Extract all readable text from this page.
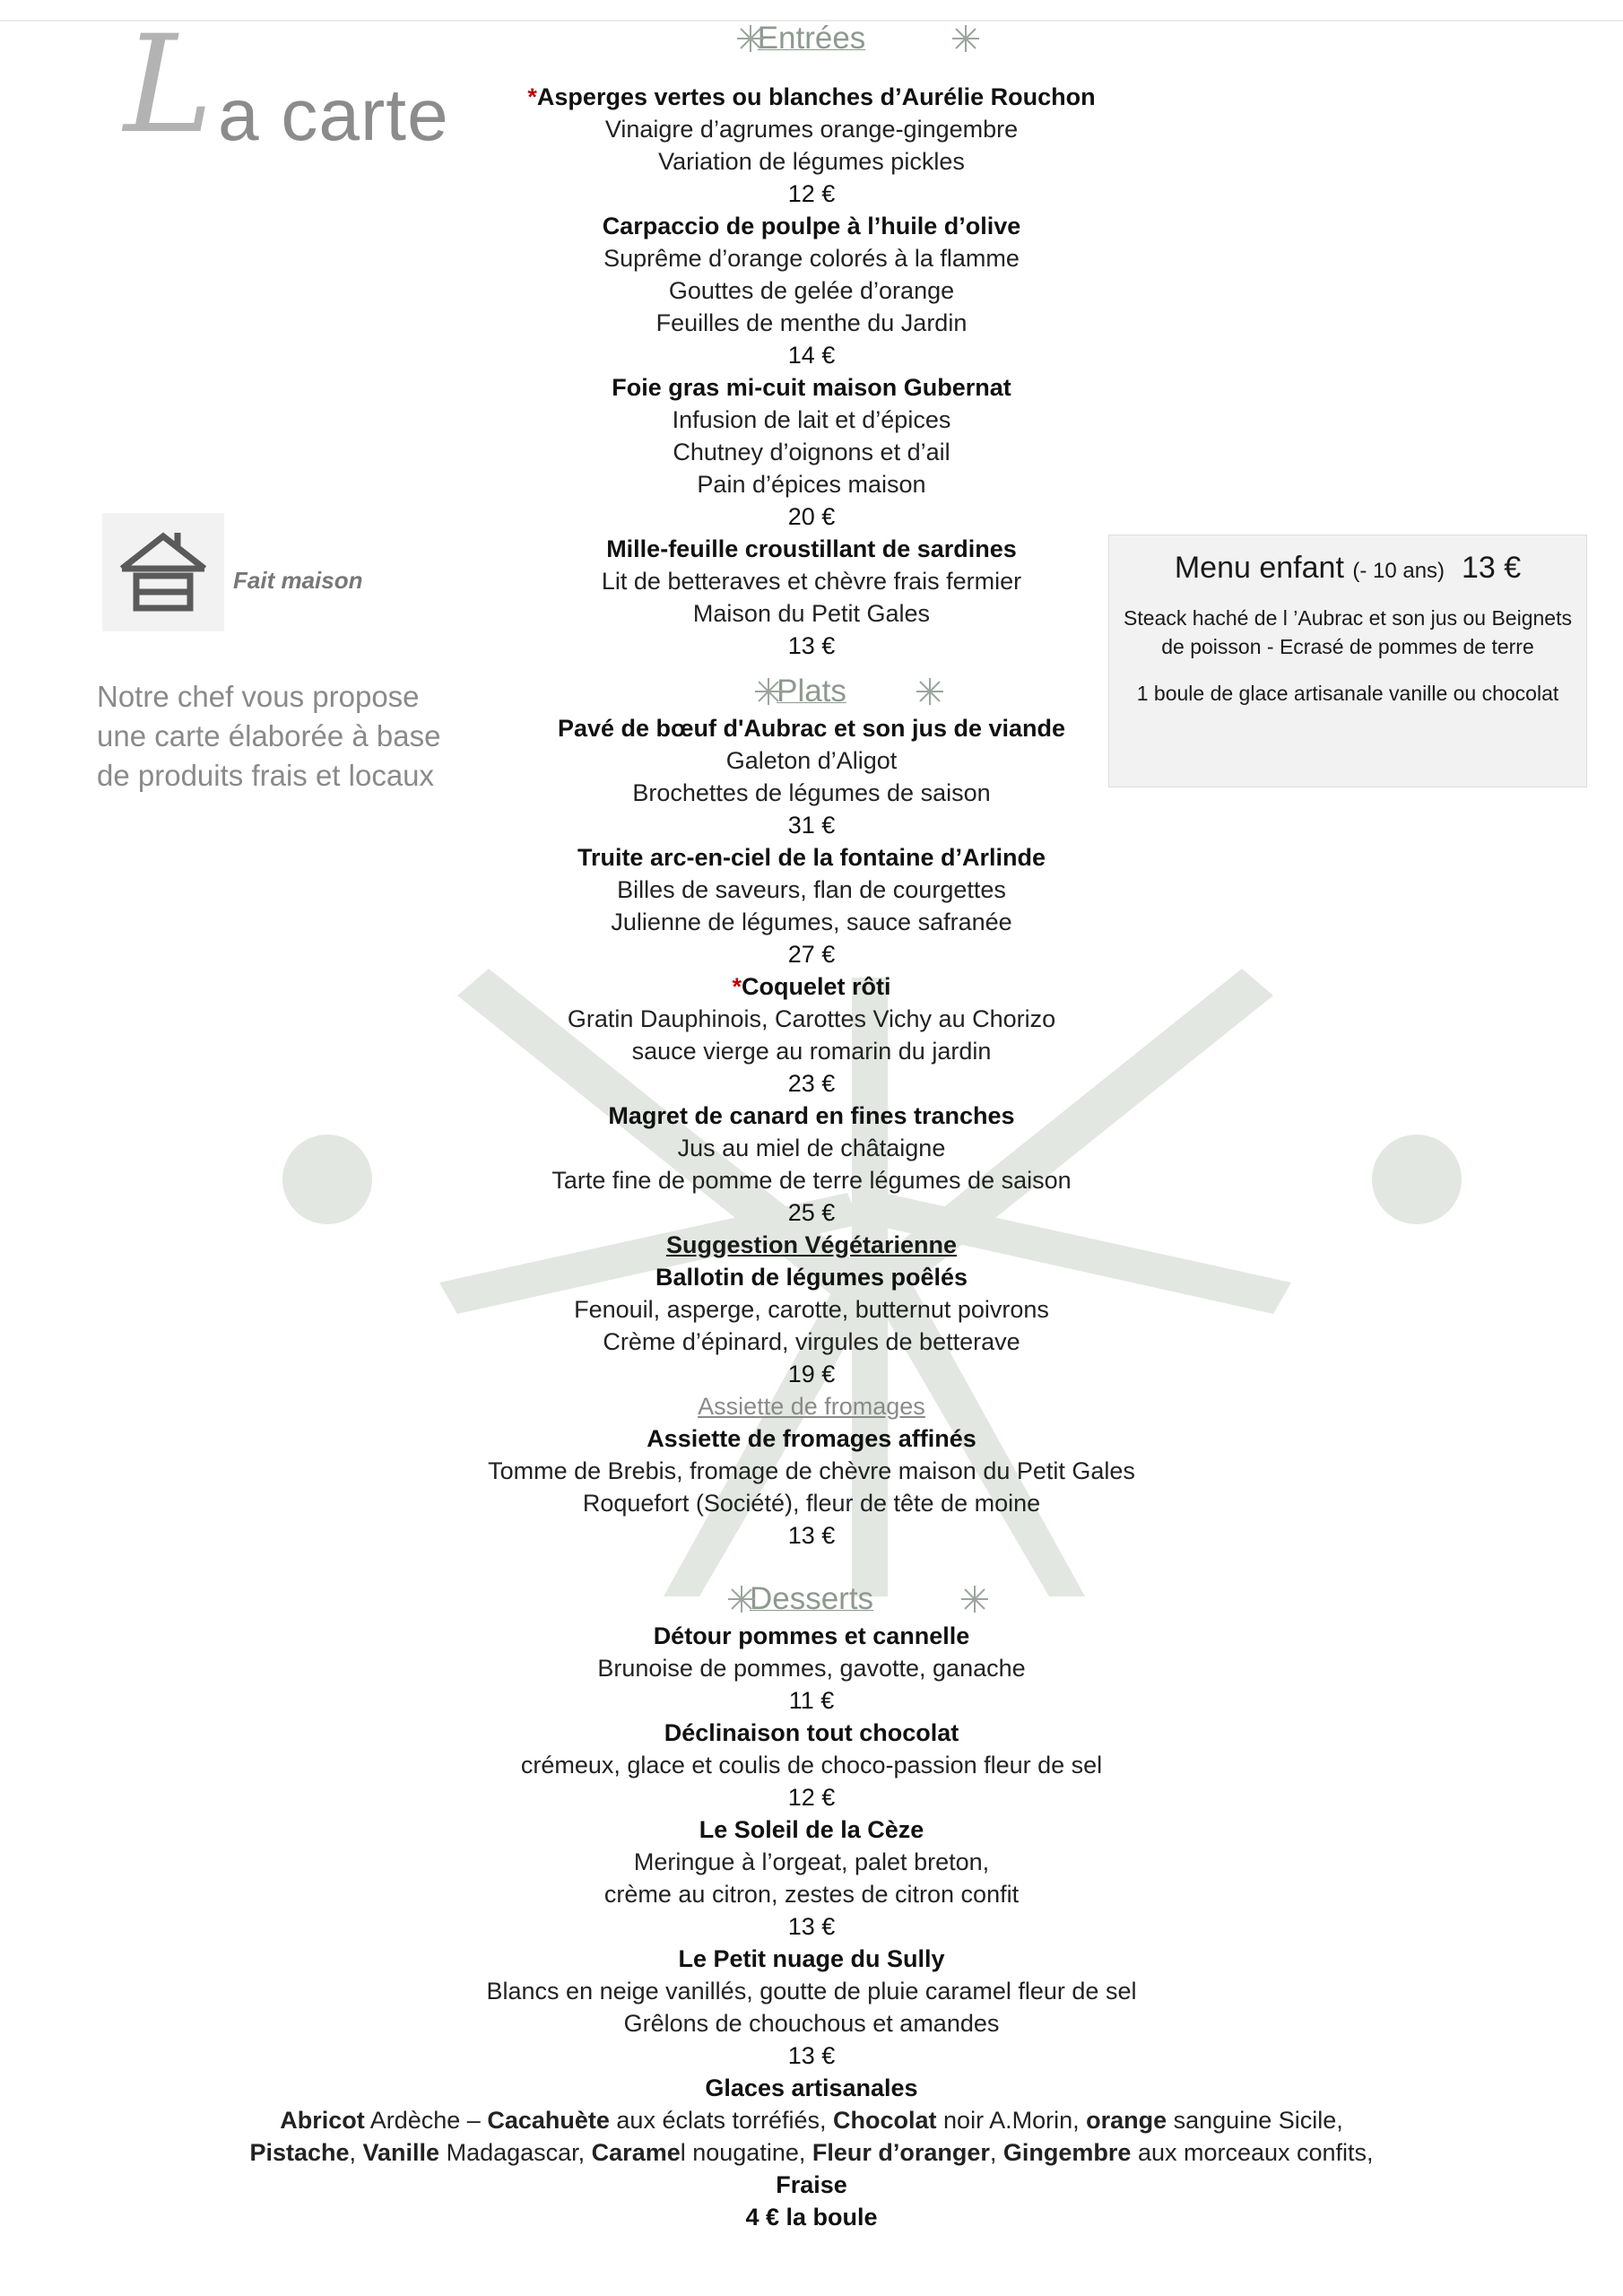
L a carte
Fait maison
Notre chef vous propose
une carte élaborée à base
de produits frais et locaux
Menu enfant (- 10 ans) 13 €
Steack haché de l ’Aubrac et son jus ou Beignets de poisson - Ecrasé de pommes de terre
1 boule de glace artisanale vanille ou chocolat
Entrées
*Asperges vertes ou blanches d’Aurélie Rouchon
Vinaigre d’agrumes orange-gingembre
Variation de légumes pickles
12 €
Carpaccio de poulpe à l’huile d’olive
Suprême d’orange colorés à la flamme
Gouttes de gelée d’orange
Feuilles de menthe du Jardin
14 €
Foie gras mi-cuit maison Gubernat
Infusion de lait et d’épices
Chutney d’oignons et d’ail
Pain d’épices maison
20 €
Mille-feuille croustillant de sardines
Lit de betteraves et chèvre frais fermier
Maison du Petit Gales
13 €
Plats
Pavé de bœuf d'Aubrac et son jus de viande
Galeton d’Aligot
Brochettes de légumes de saison
31 €
Truite arc-en-ciel de la fontaine d’Arlinde
Billes de saveurs, flan de courgettes
Julienne de légumes, sauce safranée
27 €
*Coquelet rôti
Gratin Dauphinois, Carottes Vichy au Chorizo
sauce vierge au romarin du jardin
23 €
Magret de canard en fines tranches
Jus au miel de châtaigne
Tarte fine de pomme de terre légumes de saison
25 €
Suggestion Végétarienne
Ballotin de légumes poêlés
Fenouil, asperge, carotte, butternut poivrons
Crème d’épinard, virgules de betterave
19 €
Assiette de fromages
Assiette de fromages affinés
Tomme de Brebis, fromage de chèvre maison du Petit Gales
Roquefort (Société), fleur de tête de moine
13 €
Desserts
Détour pommes et cannelle
Brunoise de pommes, gavotte, ganache
11 €
Déclinaison tout chocolat
crémeux, glace et coulis de choco-passion fleur de sel
12 €
Le Soleil de la Cèze
Meringue à l’orgeat, palet breton,
crème au citron, zestes de citron confit
13 €
Le Petit nuage du Sully
Blancs en neige vanillés, goutte de pluie caramel fleur de sel
Grêlons de chouchous et amandes
13 €
Glaces artisanales
Abricot Ardèche – Cacahuète aux éclats torréfiés, Chocolat noir A.Morin, orange sanguine Sicile,
Pistache, Vanille Madagascar, Caramel nougatine, Fleur d’oranger, Gingembre aux morceaux confits,
Fraise
4 € la boule
